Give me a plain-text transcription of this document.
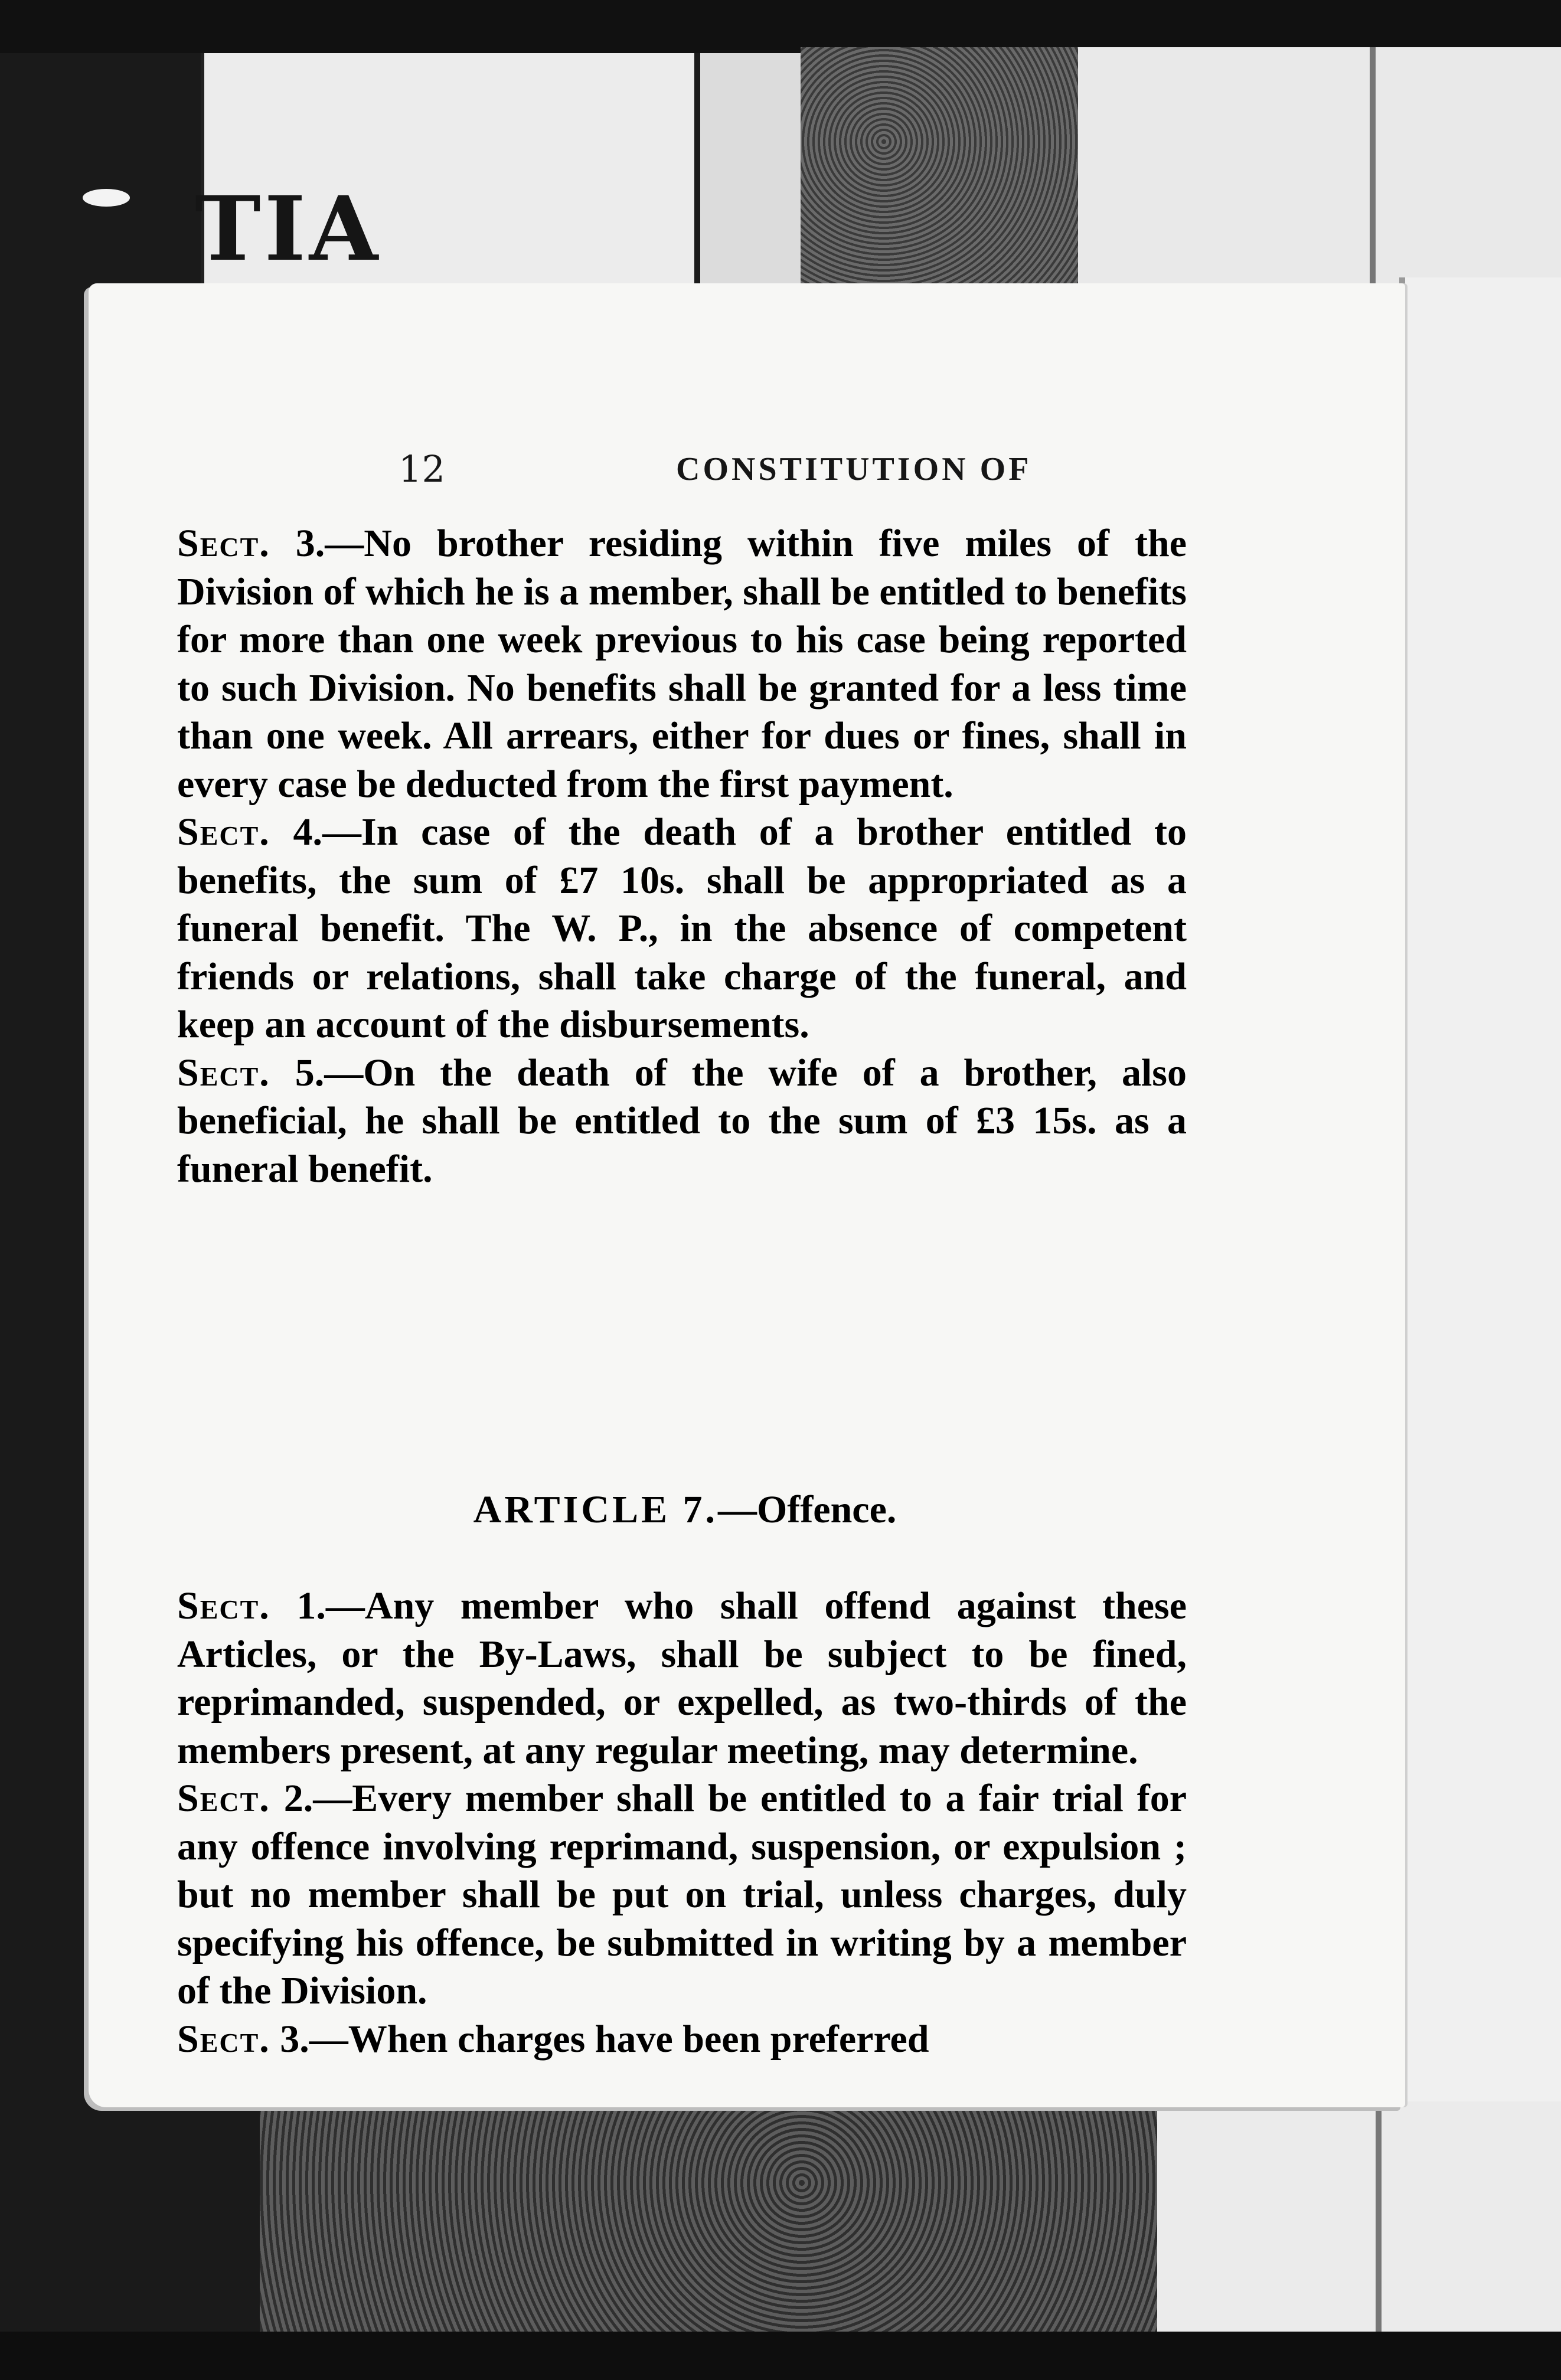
TIA
12	CONSTITUTION OF
Sect. 3.—No brother residing within five miles of the Division of which he is a member, shall be entitled to benefits for more than one week previous to his case being reported to such Division. No benefits shall be granted for a less time than one week. All arrears, either for dues or fines, shall in every case be deducted from the first payment.
Sect. 4.—In case of the death of a brother entitled to benefits, the sum of £7 10s. shall be appropriated as a funeral benefit. The W. P., in the absence of competent friends or relations, shall take charge of the funeral, and keep an account of the disbursements.
Sect. 5.—On the death of the wife of a brother, also beneficial, he shall be entitled to the sum of £3 15s. as a funeral benefit.
ARTICLE 7.—Offence.
Sect. 1.—Any member who shall offend against these Articles, or the By-Laws, shall be subject to be fined, reprimanded, suspended, or expelled, as two-thirds of the members present, at any regular meeting, may determine.
Sect. 2.—Every member shall be entitled to a fair trial for any offence involving reprimand, suspension, or expulsion ; but no member shall be put on trial, unless charges, duly specifying his offence, be submitted in writing by a member of the Division.
Sect. 3.—When charges have been preferred
